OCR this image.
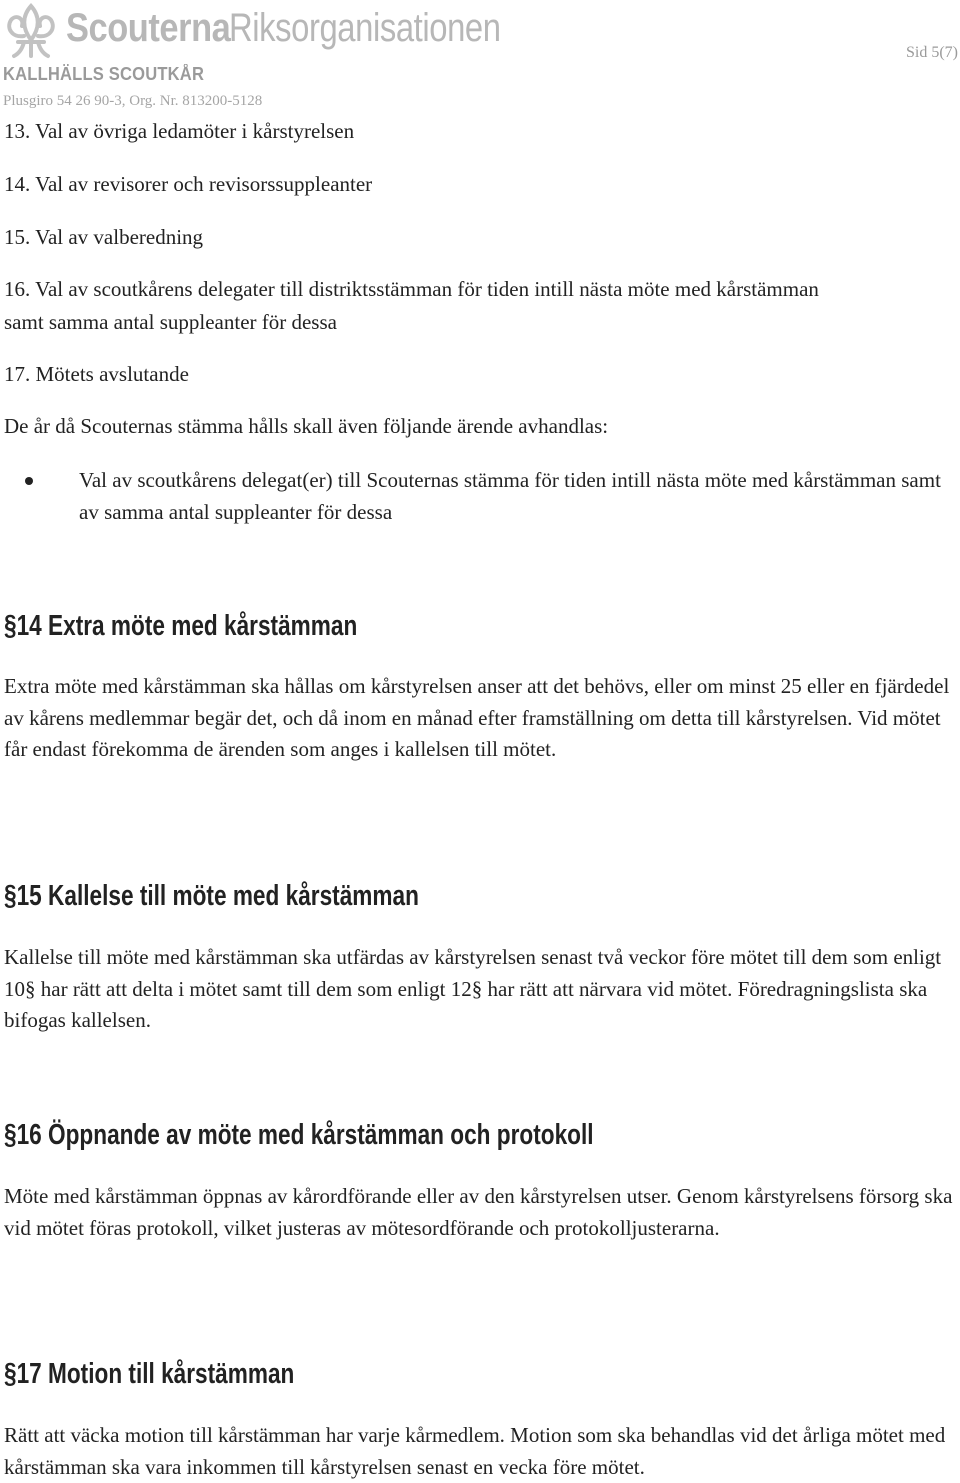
ScouternaRiksorganisationen
KALLHÄLLS SCOUTKÅR
Plusgiro 54 26 90-3, Org. Nr. 813200-5128
Sid 5(7)
13. Val av övriga ledamöter i kårstyrelsen
14. Val av revisorer och revisorssuppleanter
15. Val av valberedning
16. Val av scoutkårens delegater till distriktsstämman för tiden intill nästa möte med kårstämman
samt samma antal suppleanter för dessa
17. Mötets avslutande
De år då Scouternas stämma hålls skall även följande ärende avhandlas:
Val av scoutkårens delegat(er) till Scouternas stämma för tiden intill nästa möte med kårstämman samt av samma antal suppleanter för dessa
§14 Extra möte med kårstämman
Extra möte med kårstämman ska hållas om kårstyrelsen anser att det behövs, eller om minst 25 eller en fjärdedel av kårens medlemmar begär det, och då inom en månad efter framställning om detta till kårstyrelsen. Vid mötet får endast förekomma de ärenden som anges i kallelsen till mötet.
§15 Kallelse till möte med kårstämman
Kallelse till möte med kårstämman ska utfärdas av kårstyrelsen senast två veckor före mötet till dem som enligt 10§ har rätt att delta i mötet samt till dem som enligt 12§ har rätt att närvara vid mötet. Föredragningslista ska bifogas kallelsen.
§16 Öppnande av möte med kårstämman och protokoll
Möte med kårstämman öppnas av kårordförande eller av den kårstyrelsen utser. Genom kårstyrelsens försorg ska vid mötet föras protokoll, vilket justeras av mötesordförande och protokolljusterarna.
§17 Motion till kårstämman
Rätt att väcka motion till kårstämman har varje kårmedlem. Motion som ska behandlas vid det årliga mötet med kårstämman ska vara inkommen till kårstyrelsen senast en vecka före mötet.
